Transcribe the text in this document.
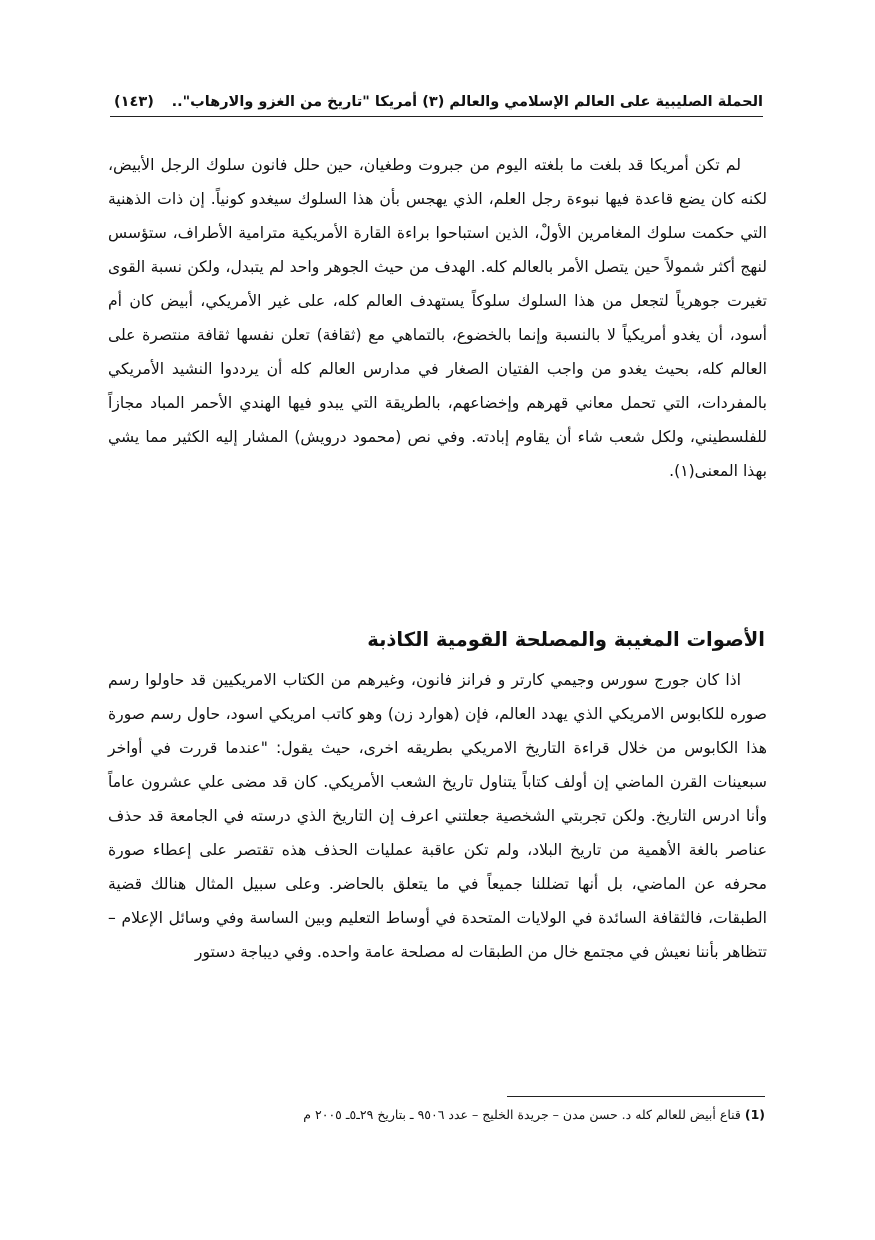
الحملة الصليبية على العالم الإسلامي والعالم (٣) أمريكا "تاريخ من الغزو والارهاب"..
(١٤٣)

لم تكن أمريكا قد بلغت ما بلغته اليوم من جبروت وطغيان، حين حلل فانون سلوك الرجل الأبيض، لكنه كان يضع قاعدة فيها نبوءة رجل العلم، الذي يهجس بأن هذا السلوك سيغدو كونياً. إن ذات الذهنية التي حكمت سلوك المغامرين الأولْ، الذين استباحوا براءة القارة الأمريكية مترامية الأطراف، ستؤسس لنهج أكثر شمولاً حين يتصل الأمر بالعالم كله. الهدف من حيث الجوهر واحد لم يتبدل، ولكن نسبة القوى تغيرت جوهرياً لتجعل من هذا السلوك سلوكاً يستهدف العالم كله، على غير الأمريكي، أبيض كان أم أسود، أن يغدو أمريكياً لا بالنسبة وإنما بالخضوع، بالتماهي مع (ثقافة) تعلن نفسها ثقافة منتصرة على العالم كله، بحيث يغدو من واجب الفتيان الصغار في مدارس العالم كله أن يرددوا النشيد الأمريكي بالمفردات، التي تحمل معاني قهرهم وإخضاعهم، بالطريقة التي يبدو فيها الهندي الأحمر المباد مجازاً للفلسطيني، ولكل شعب شاء أن يقاوم إبادته. وفي نص (محمود درويش) المشار إليه الكثير مما يشي بهذا المعنى(١).

الأصوات المغيبة والمصلحة القومية الكاذبة

اذا كان جورج سورس وجيمي كارتر و فرانز فانون، وغيرهم من الكتاب الامريكيين قد حاولوا رسم صوره للكابوس الامريكي الذي يهدد العالم، فإن (هوارد زن) وهو كاتب امريكي اسود، حاول رسم صورة هذا الكابوس من خلال قراءة التاريخ الامريكي بطريقه اخرى، حيث يقول: "عندما قررت في أواخر سبعينات القرن الماضي إن أولف كتاباً يتناول تاريخ الشعب الأمريكي. كان قد مضى علي عشرون عاماً وأنا ادرس التاريخ. ولكن تجربتي الشخصية جعلتني اعرف إن التاريخ الذي درسته في الجامعة قد حذف عناصر بالغة الأهمية من تاريخ البلاد، ولم تكن عاقبة عمليات الحذف هذه تقتصر على إعطاء صورة محرفه عن الماضي، بل أنها تضللنا جميعاً في ما يتعلق بالحاضر. وعلى سبيل المثال هنالك قضية الطبقات، فالثقافة السائدة في الولايات المتحدة في أوساط التعليم وبين الساسة وفي وسائل الإعلام – تتظاهر بأننا نعيش في مجتمع خال من الطبقات له مصلحة عامة واحده. وفي ديباجة دستور

(1) قناع أبيض للعالم كله د. حسن مدن – جريدة الخليج – عدد ٩٥٠٦ ـ بتاريخ ٢٩ـ٥ـ ٢٠٠٥ م
